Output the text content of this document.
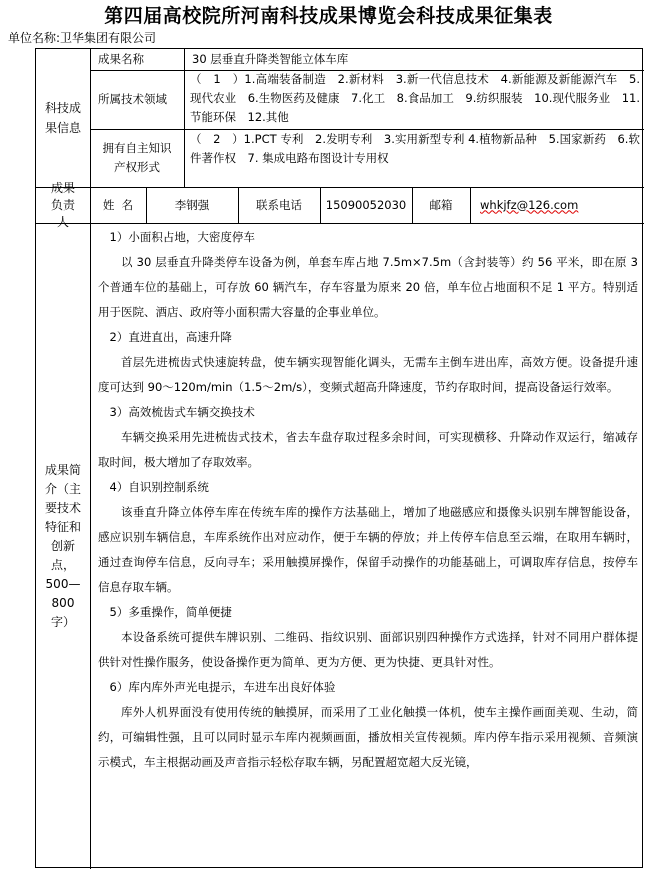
第四届高校院所河南科技成果博览会科技成果征集表
单位名称:卫华集团有限公司
科技成果信息
成果名称	30 层垂直升降类智能立体车库
所属技术领域
（　1　）1.高端装备制造　2.新材料　3.新一代信息技术　4.新能源及新能源汽车　5.现代农业　6.生物医药及健康　7.化工　8.食品加工　9.纺织服装　10.现代服务业　11.节能环保　12.其他
拥有自主知识产权形式
（　2　）1.PCT 专利　2.发明专利　3.实用新型专利 4.植物新品种　5.国家新药　6.软件著作权　7. 集成电路布图设计专用权
成果负责人
姓  名	李钢强	联系电话 15090052030 邮箱 whkjfz@126.com
成果简介（主要技术特征和创新点，500—800字）

　1）小面积占地，大密度停车

以 30 层垂直升降类停车设备为例，单套车库占地 7.5m×7.5m（含封装等）约 56 平米，即在原 3 个普通车位的基础上，可存放 60 辆汽车，存车容量为原来 20 倍，单车位占地面积不足 1 平方。特别适用于医院、酒店、政府等小面积需大容量的企事业单位。

　2）直进直出，高速升降

首层先进梳齿式快速旋转盘，使车辆实现智能化调头，无需车主倒车进出库，高效方便。设备提升速度可达到 90～120m/min（1.5～2m/s），变频式超高升降速度，节约存取时间，提高设备运行效率。

　3）高效梳齿式车辆交换技术

车辆交换采用先进梳齿式技术，省去车盘存取过程多余时间，可实现横移、升降动作双运行，缩减存取时间，极大增加了存取效率。

　4）自识别控制系统

该垂直升降立体停车库在传统车库的操作方法基础上，增加了地磁感应和摄像头识别车牌智能设备，感应识别车辆信息，车库系统作出对应动作，便于车辆的停放；并上传停车信息至云端，在取用车辆时，通过查询停车信息，反向寻车；采用触摸屏操作，保留手动操作的功能基础上，可调取库存信息，按停车信息存取车辆。

　5）多重操作，简单便捷

本设备系统可提供车牌识别、二维码、指纹识别、面部识别四种操作方式选择，针对不同用户群体提供针对性操作服务，使设备操作更为简单、更为方便、更为快捷、更具针对性。

　6）库内库外声光电提示，车进车出良好体验

库外人机界面没有使用传统的触摸屏，而采用了工业化触摸一体机，使车主操作画面美观、生动，简约，可编辑性强，且可以同时显示车库内视频画面，播放相关宣传视频。库内停车指示采用视频、音频演示模式，车主根据动画及声音指示轻松存取车辆，另配置超宽超大反光镜，
